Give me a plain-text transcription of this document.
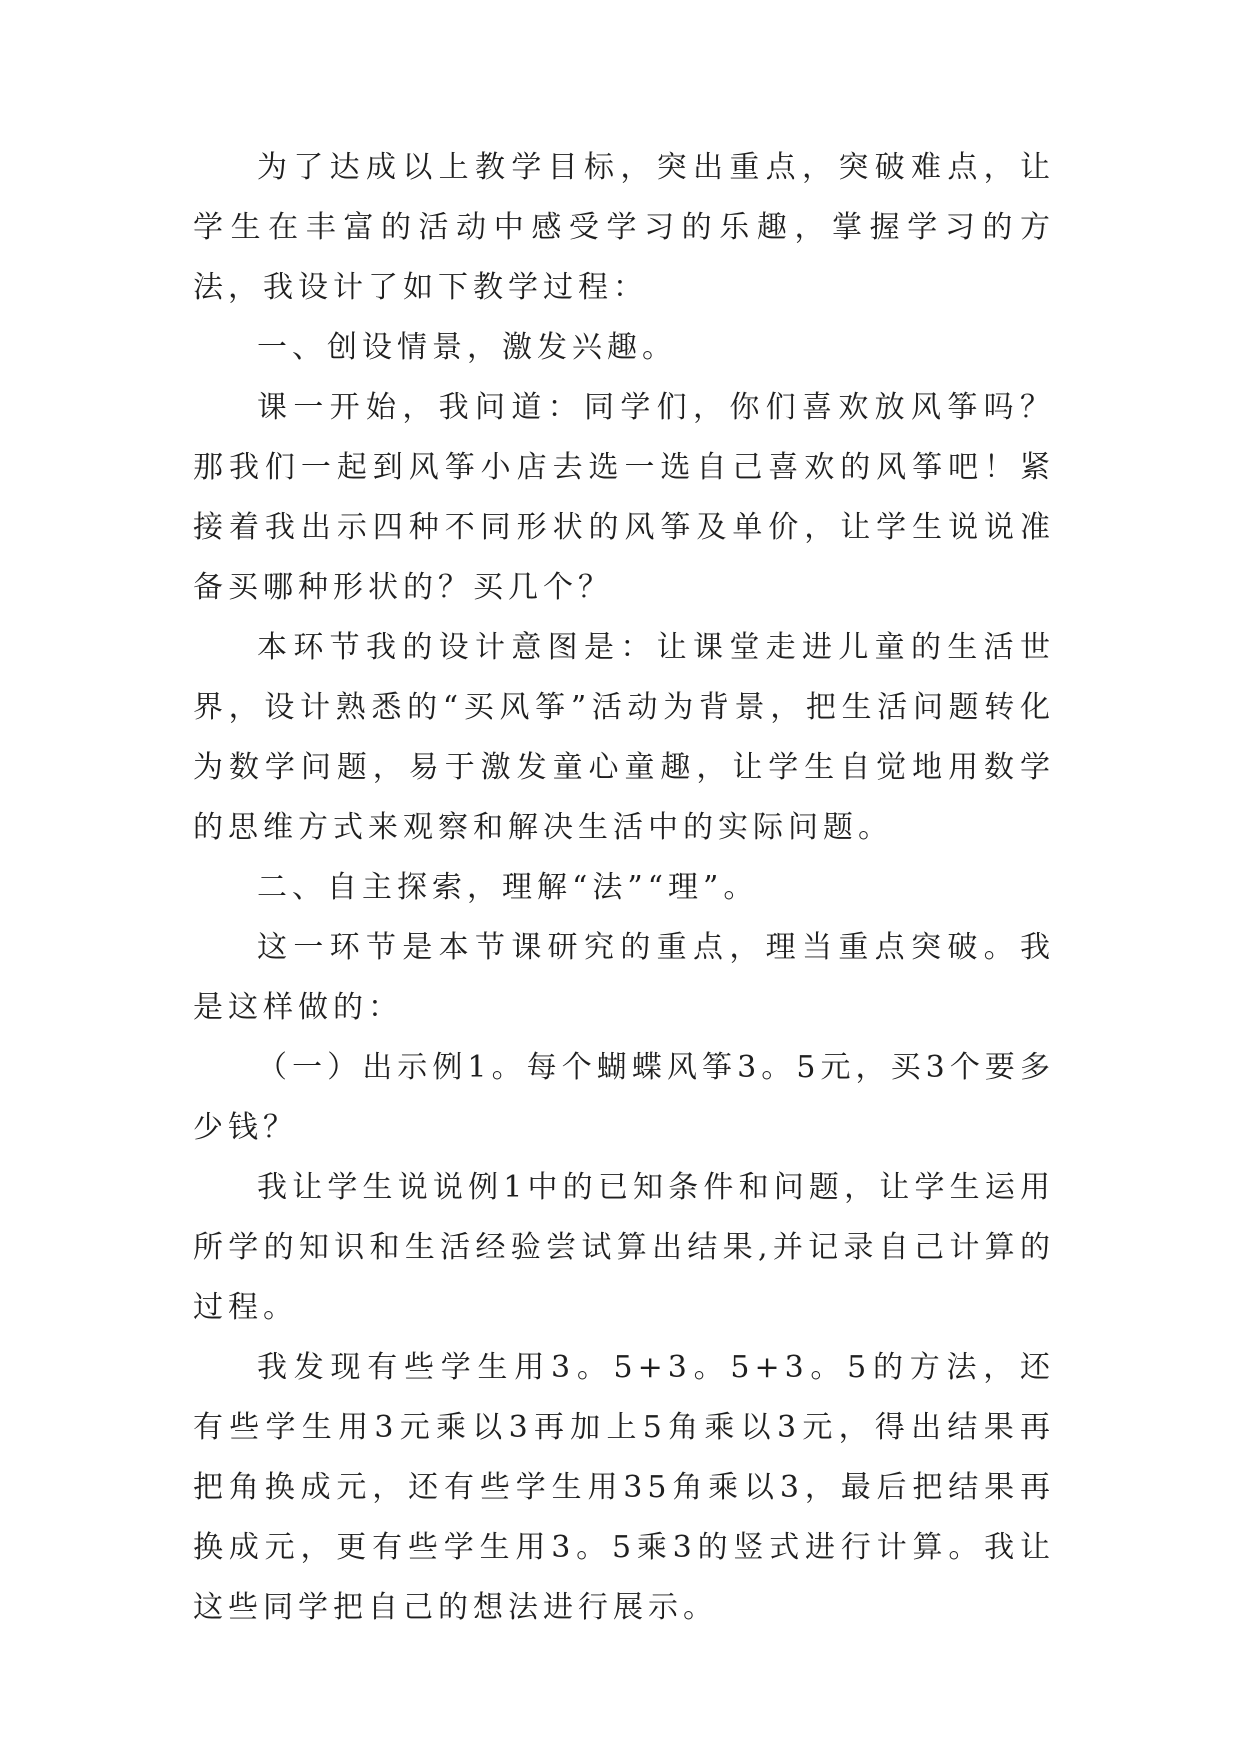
为了达成以上教学目标，突出重点，突破难点，让学生在丰富的活动中感受学习的乐趣，掌握学习的方法，我设计了如下教学过程：

一、创设情景，激发兴趣。

课一开始，我问道：同学们，你们喜欢放风筝吗？那我们一起到风筝小店去选一选自己喜欢的风筝吧！紧接着我出示四种不同形状的风筝及单价，让学生说说准备买哪种形状的？买几个？

本环节我的设计意图是：让课堂走进儿童的生活世界，设计熟悉的“买风筝”活动为背景，把生活问题转化为数学问题，易于激发童心童趣，让学生自觉地用数学的思维方式来观察和解决生活中的实际问题。

二、自主探索，理解“法”“理”。

这一环节是本节课研究的重点，理当重点突破。我是这样做的：

（一）出示例1。每个蝴蝶风筝3。5元，买3个要多少钱？

我让学生说说例1中的已知条件和问题，让学生运用所学的知识和生活经验尝试算出结果,并记录自己计算的过程。

我发现有些学生用3。5+3。5+3。5的方法，还有些学生用3元乘以3再加上5角乘以3元，得出结果再把角换成元，还有些学生用35角乘以3，最后把结果再换成元，更有些学生用3。5乘3的竖式进行计算。我让这些同学把自己的想法进行展示。
